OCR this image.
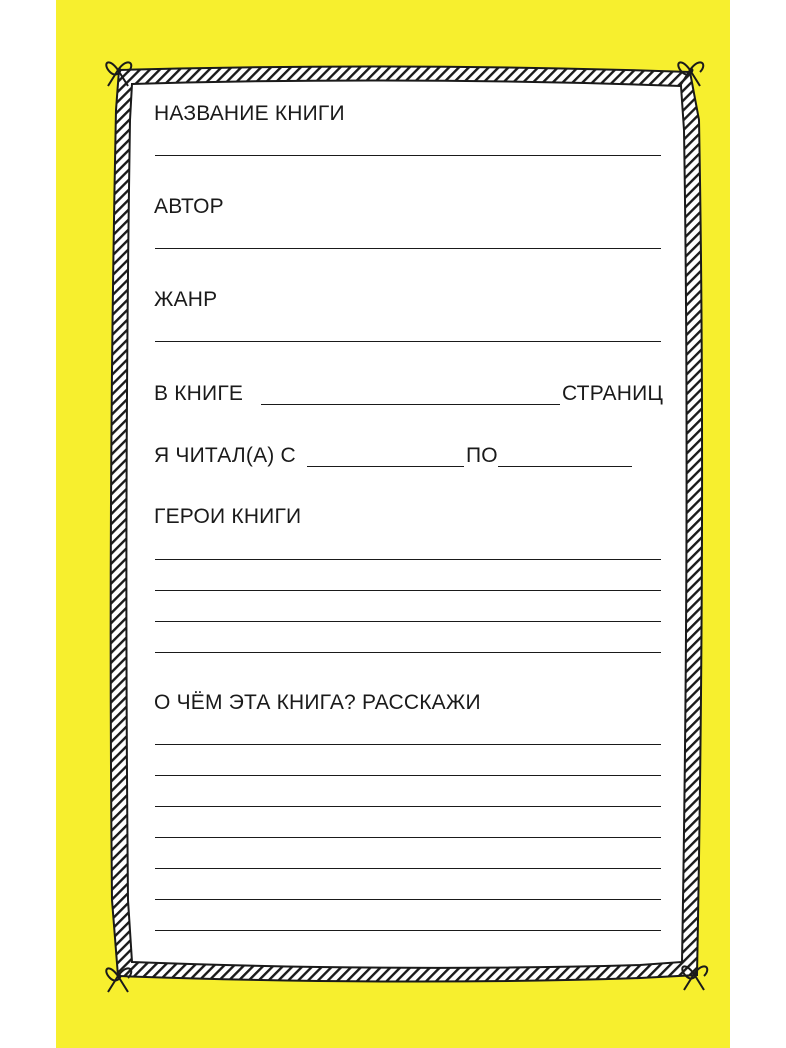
НАЗВАНИЕ КНИГИ
АВТОР
ЖАНР
В КНИГЕ	СТРАНИЦ
Я ЧИТАЛ(А) С	ПО
ГЕРОИ КНИГИ
О ЧЁМ ЭТА КНИГА? РАССКАЖИ
